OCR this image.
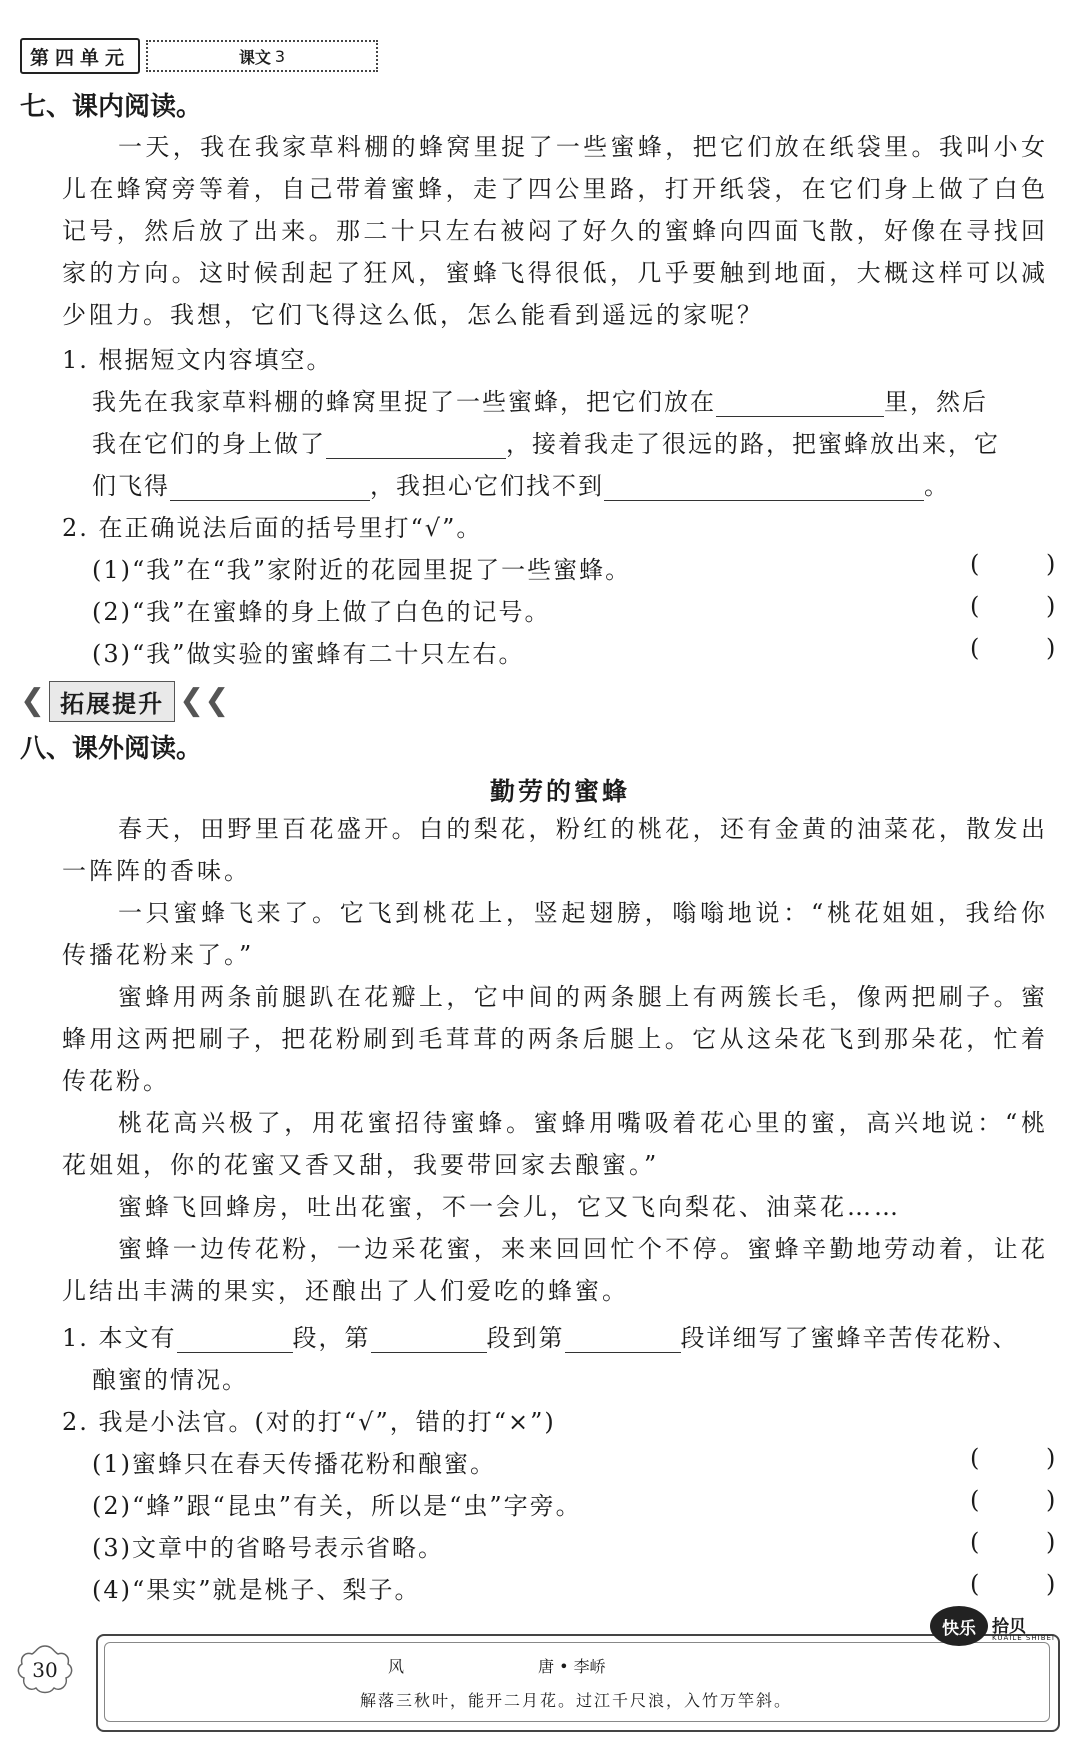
第四单元	课文 3
七、课内阅读。
一天，我在我家草料棚的蜂窝里捉了一些蜜蜂，把它们放在纸袋里。我叫小女儿在蜂窝旁等着，自己带着蜜蜂，走了四公里路，打开纸袋，在它们身上做了白色记号，然后放了出来。那二十只左右被闷了好久的蜜蜂向四面飞散，好像在寻找回家的方向。这时候刮起了狂风，蜜蜂飞得很低，几乎要触到地面，大概这样可以减少阻力。我想，它们飞得这么低，怎么能看到遥远的家呢？
1. 根据短文内容填空。
我先在我家草料棚的蜂窝里捉了一些蜜蜂，把它们放在	里，然后
我在它们的身上做了	，接着我走了很远的路，把蜜蜂放出来，它
们飞得	，我担心它们找不到	。
2. 在正确说法后面的括号里打“√”。
(1)“我”在“我”家附近的花园里捉了一些蜜蜂。	(	)
(2)“我”在蜜蜂的身上做了白色的记号。	(	)
(3)“我”做实验的蜜蜂有二十只左右。	(	)
❮ 拓展提升 ❮❮
八、课外阅读。
勤劳的蜜蜂
春天，田野里百花盛开。白的梨花，粉红的桃花，还有金黄的油菜花，散发出一阵阵的香味。
一只蜜蜂飞来了。它飞到桃花上，竖起翅膀，嗡嗡地说：“桃花姐姐，我给你传播花粉来了。”
蜜蜂用两条前腿趴在花瓣上，它中间的两条腿上有两簇长毛，像两把刷子。蜜蜂用这两把刷子，把花粉刷到毛茸茸的两条后腿上。它从这朵花飞到那朵花，忙着传花粉。
桃花高兴极了，用花蜜招待蜜蜂。蜜蜂用嘴吸着花心里的蜜，高兴地说：“桃花姐姐，你的花蜜又香又甜，我要带回家去酿蜜。”
蜜蜂飞回蜂房，吐出花蜜，不一会儿，它又飞向梨花、油菜花……
蜜蜂一边传花粉，一边采花蜜，来来回回忙个不停。蜜蜂辛勤地劳动着，让花儿结出丰满的果实，还酿出了人们爱吃的蜂蜜。
1. 本文有	段，第	段到第	段详细写了蜜蜂辛苦传花粉、
酿蜜的情况。
2. 我是小法官。(对的打“√”，错的打“×”)
(1)蜜蜂只在春天传播花粉和酿蜜。	(	)
(2)“蜂”跟“昆虫”有关，所以是“虫”字旁。	(	)
(3)文章中的省略号表示省略。	(	)
(4)“果实”就是桃子、梨子。	(	)
30	风	唐 • 李峤
解落三秋叶，能开二月花。过江千尺浪，入竹万竿斜。
快乐 拾贝
KUAILE SHIBEI
